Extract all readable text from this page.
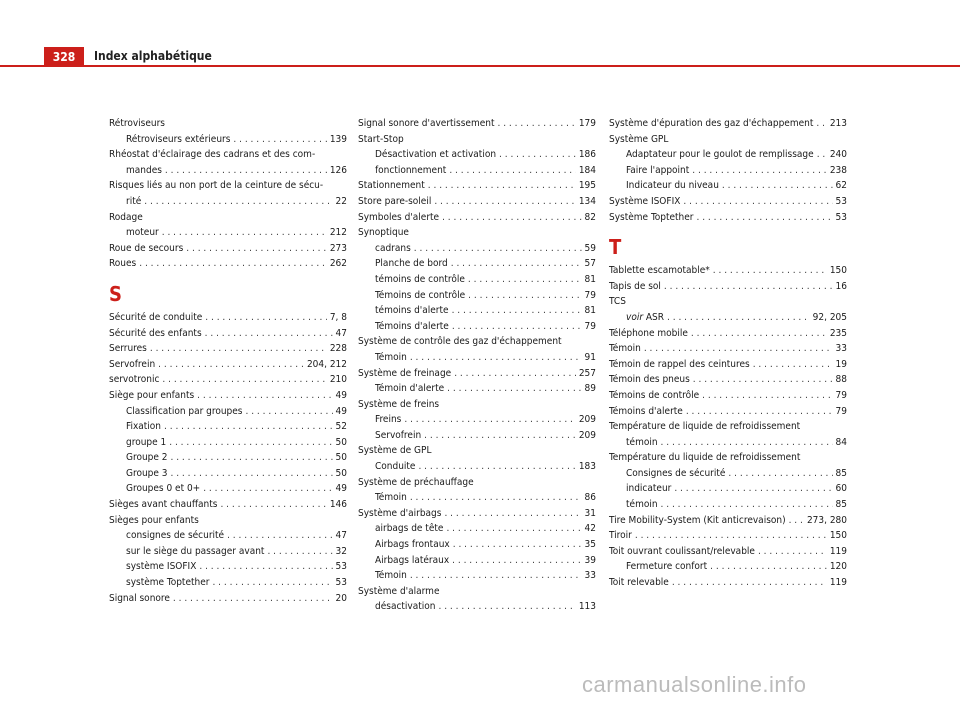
328	Index alphabétique
Rétroviseurs
Rétroviseurs extérieurs . . .	139
Rhéostat d'éclairage des cadrans et des com-
mandes . . .	126
Risques liés au non port de la ceinture de sécu-
rité . . .	22
Rodage
moteur . . .	212
Roue de secours . . .	273
Roues . . .	262
S
Sécurité de conduite . . .	7, 8
Sécurité des enfants . . .	47
Serrures . . .	228
Servofrein . . .	204, 212
servotronic . . .	210
Siège pour enfants . . .	49
Classification par groupes . . .	49
Fixation . . .	52
groupe 1 . . .	50
Groupe 2 . . .	50
Groupe 3 . . .	50
Groupes 0 et 0+ . . .	49
Sièges avant chauffants . . .	146
Sièges pour enfants
consignes de sécurité . . .	47
sur le siège du passager avant . . .	32
système ISOFIX . . .	53
système Toptether . . .	53
Signal sonore . . .	20
Signal sonore d'avertissement . . .	179
Start-Stop
Désactivation et activation . . .	186
fonctionnement . . .	184
Stationnement . . .	195
Store pare-soleil . . .	134
Symboles d'alerte . . .	82
Synoptique
cadrans . . .	59
Planche de bord . . .	57
témoins de contrôle . . .	81
Témoins de contrôle . . .	79
témoins d'alerte . . .	81
Témoins d'alerte . . .	79
Système de contrôle des gaz d'échappement
Témoin . . .	91
Système de freinage . . .	257
Témoin d'alerte . . .	89
Système de freins
Freins . . .	209
Servofrein . . .	209
Système de GPL
Conduite . . .	183
Système de préchauffage
Témoin . . .	86
Système d'airbags . . .	31
airbags de tête . . .	42
Airbags frontaux . . .	35
Airbags latéraux . . .	39
Témoin . . .	33
Système d'alarme
désactivation . . .	113
Système d'épuration des gaz d'échappement . . .	213
Système GPL
Adaptateur pour le goulot de remplissage . . .	240
Faire l'appoint . . .	238
Indicateur du niveau . . .	62
Système ISOFIX . . .	53
Système Toptether . . .	53
T
Tablette escamotable* . . .	150
Tapis de sol . . .	16
TCS
voir ASR . . .	92, 205
Téléphone mobile . . .	235
Témoin . . .	33
Témoin de rappel des ceintures . . .	19
Témoin des pneus . . .	88
Témoins de contrôle . . .	79
Témoins d'alerte . . .	79
Température de liquide de refroidissement
témoin . . .	84
Température du liquide de refroidissement
Consignes de sécurité . . .	85
indicateur . . .	60
témoin . . .	85
Tire Mobility-System (Kit anticrevaison) . . .	273, 280
Tiroir . . .	150
Toit ouvrant coulissant/relevable . . .	119
Fermeture confort . . .	120
Toit relevable . . .	119
carmanualsonline.info
